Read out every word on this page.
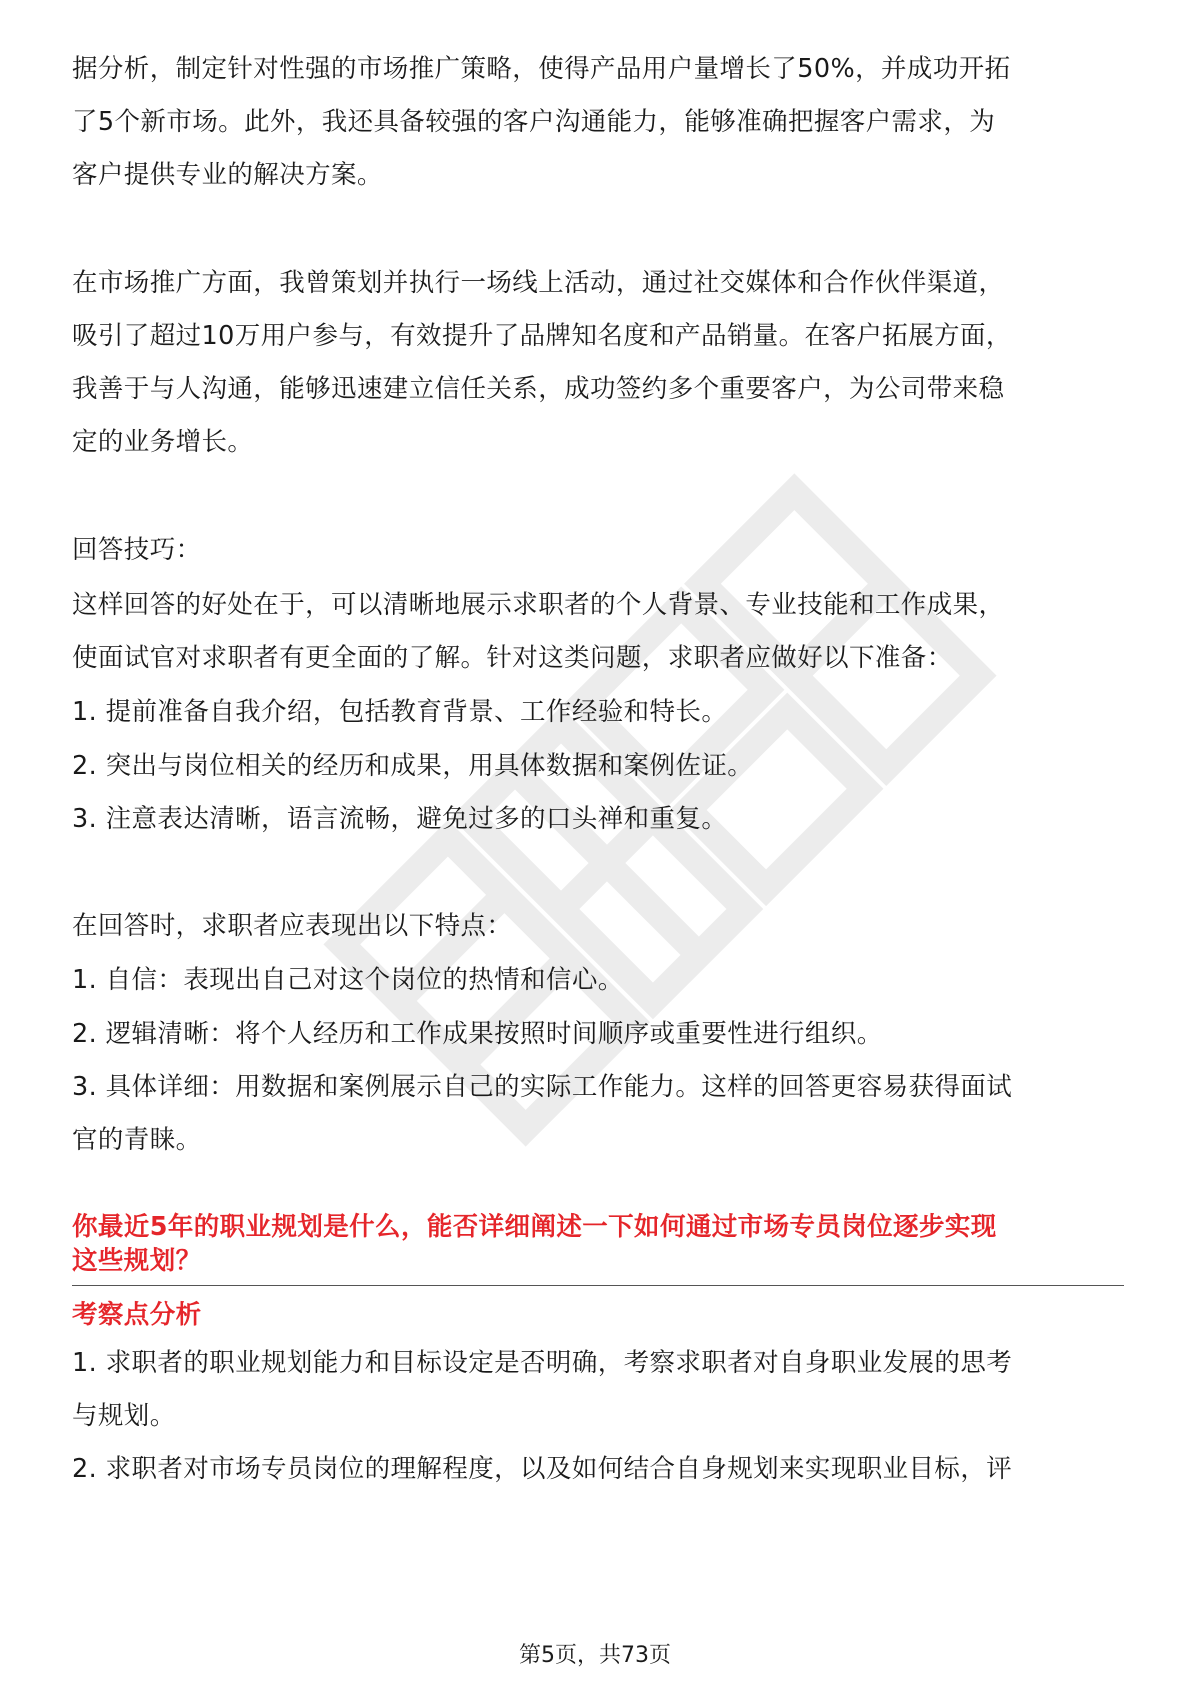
据分析，制定针对性强的市场推广策略，使得产品用户量增长了50%，并成功开拓
了5个新市场。此外，我还具备较强的客户沟通能力，能够准确把握客户需求，为
客户提供专业的解决方案。
在市场推广方面，我曾策划并执行一场线上活动，通过社交媒体和合作伙伴渠道，
吸引了超过10万用户参与，有效提升了品牌知名度和产品销量。在客户拓展方面，
我善于与人沟通，能够迅速建立信任关系，成功签约多个重要客户，为公司带来稳
定的业务增长。
回答技巧：
这样回答的好处在于，可以清晰地展示求职者的个人背景、专业技能和工作成果，
使面试官对求职者有更全面的了解。针对这类问题，求职者应做好以下准备：
1. 提前准备自我介绍，包括教育背景、工作经验和特长。
2. 突出与岗位相关的经历和成果，用具体数据和案例佐证。
3. 注意表达清晰，语言流畅，避免过多的口头禅和重复。
在回答时，求职者应表现出以下特点：
1. 自信：表现出自己对这个岗位的热情和信心。
2. 逻辑清晰：将个人经历和工作成果按照时间顺序或重要性进行组织。
3. 具体详细：用数据和案例展示自己的实际工作能力。这样的回答更容易获得面试
官的青睐。
你最近5年的职业规划是什么，能否详细阐述一下如何通过市场专员岗位逐步实现
这些规划？
考察点分析
1. 求职者的职业规划能力和目标设定是否明确，考察求职者对自身职业发展的思考
与规划。
2. 求职者对市场专员岗位的理解程度，以及如何结合自身规划来实现职业目标，评
第5页，共73页
